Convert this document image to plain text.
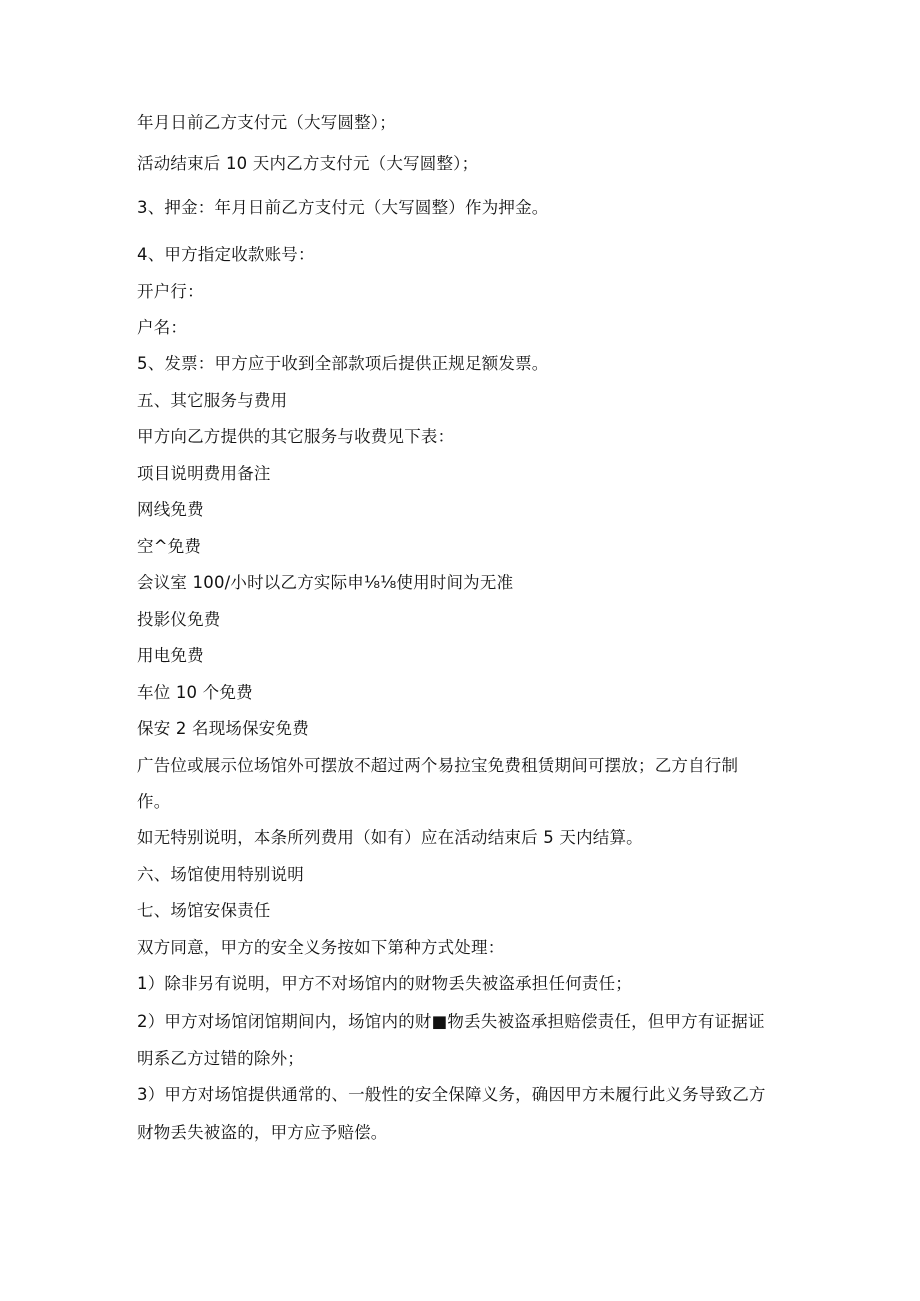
年月日前乙方支付元（大写圆整）；
活动结束后 10 天内乙方支付元（大写圆整）；
3、押金：年月日前乙方支付元（大写圆整）作为押金。
4、甲方指定收款账号：
开户行：
户名：
5、发票：甲方应于收到全部款项后提供正规足额发票。
五、其它服务与费用
甲方向乙方提供的其它服务与收费见下表：
项目说明费用备注
网线免费
空^免费
会议室 100/小时以乙方实际申⅛⅛使用时间为无准
投影仪免费
用电免费
车位 10 个免费
保安 2 名现场保安免费
广告位或展示位场馆外可摆放不超过两个易拉宝免费租赁期间可摆放；乙方自行制
作。
如无特别说明，本条所列费用（如有）应在活动结束后 5 天内结算。
六、场馆使用特别说明
七、场馆安保责任
双方同意，甲方的安全义务按如下第种方式处理：
1）除非另有说明，甲方不对场馆内的财物丢失被盗承担任何责任；
2）甲方对场馆闭馆期间内，场馆内的财■物丢失被盗承担赔偿责任，但甲方有证据证
明系乙方过错的除外；
3）甲方对场馆提供通常的、一般性的安全保障义务，确因甲方未履行此义务导致乙方
财物丢失被盗的，甲方应予赔偿。
